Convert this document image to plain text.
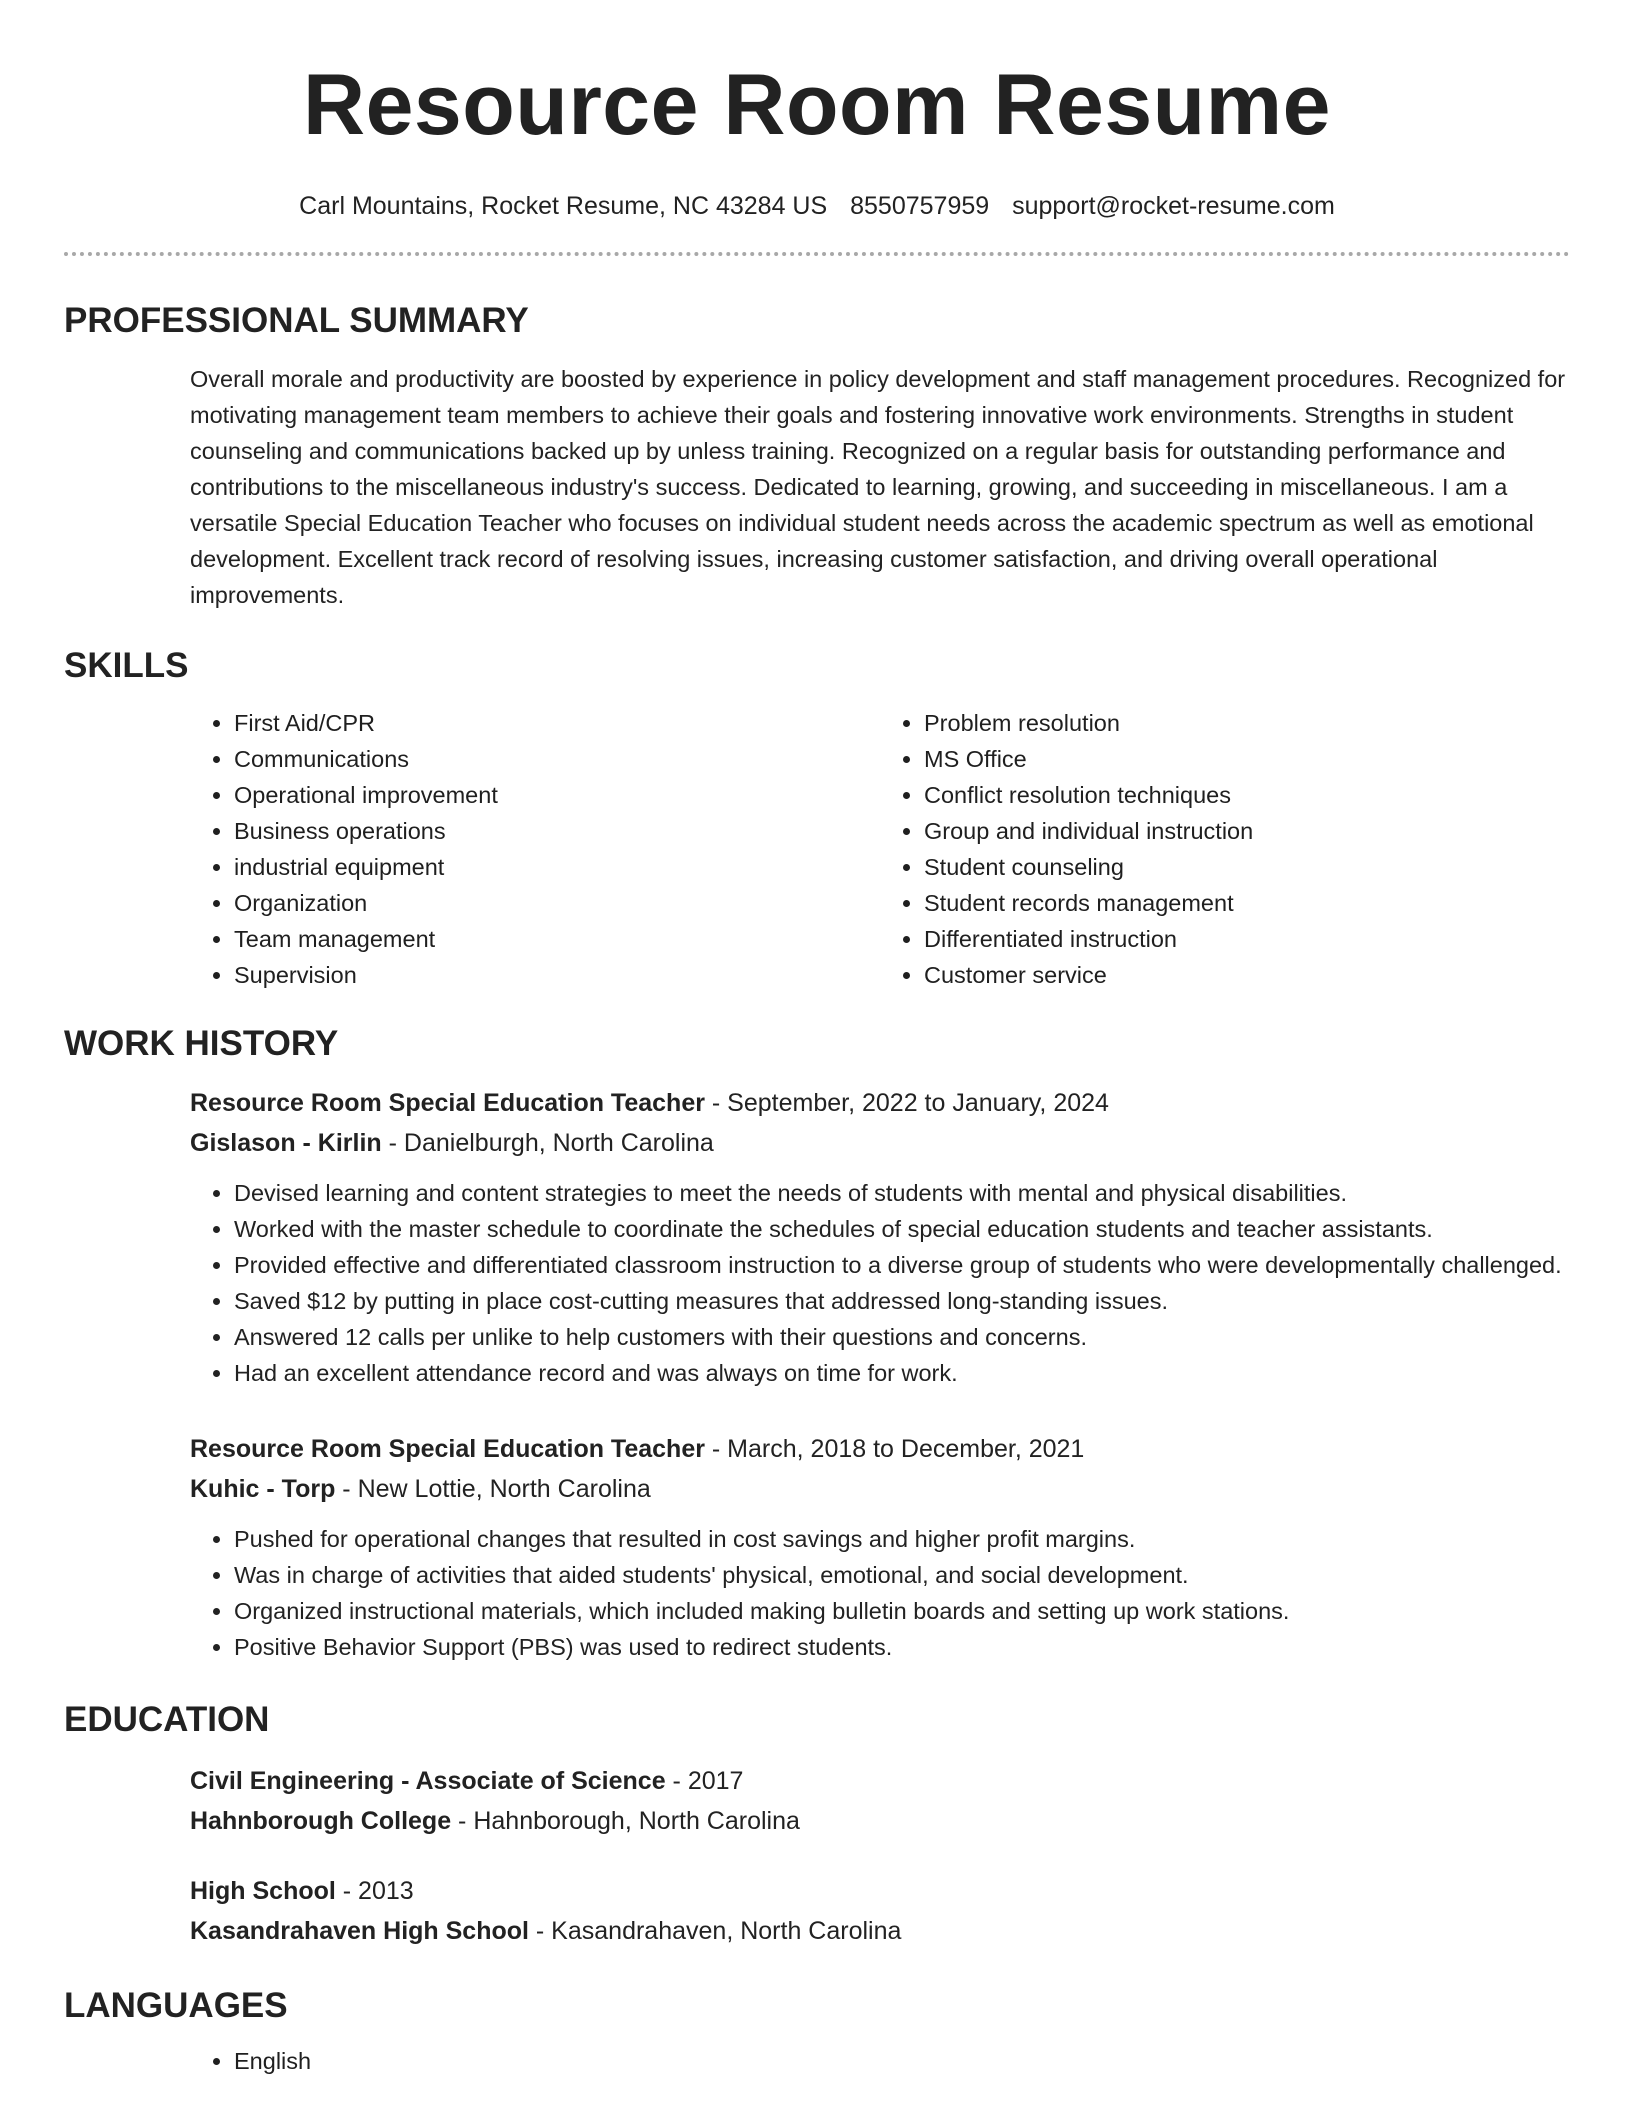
Resource Room Resume
Carl Mountains, Rocket Resume, NC 43284 US 8550757959 support@rocket-resume.com
PROFESSIONAL SUMMARY
Overall morale and productivity are boosted by experience in policy development and staff management procedures. Recognized for motivating management team members to achieve their goals and fostering innovative work environments. Strengths in student counseling and communications backed up by unless training. Recognized on a regular basis for outstanding performance and contributions to the miscellaneous industry's success. Dedicated to learning, growing, and succeeding in miscellaneous. I am a versatile Special Education Teacher who focuses on individual student needs across the academic spectrum as well as emotional development. Excellent track record of resolving issues, increasing customer satisfaction, and driving overall operational improvements.
SKILLS
• First Aid/CPR
• Communications
• Operational improvement
• Business operations
• industrial equipment
• Organization
• Team management
• Supervision
• Problem resolution
• MS Office
• Conflict resolution techniques
• Group and individual instruction
• Student counseling
• Student records management
• Differentiated instruction
• Customer service
WORK HISTORY
Resource Room Special Education Teacher - September, 2022 to January, 2024
Gislason - Kirlin - Danielburgh, North Carolina
• Devised learning and content strategies to meet the needs of students with mental and physical disabilities.
• Worked with the master schedule to coordinate the schedules of special education students and teacher assistants.
• Provided effective and differentiated classroom instruction to a diverse group of students who were developmentally challenged.
• Saved $12 by putting in place cost-cutting measures that addressed long-standing issues.
• Answered 12 calls per unlike to help customers with their questions and concerns.
• Had an excellent attendance record and was always on time for work.
Resource Room Special Education Teacher - March, 2018 to December, 2021
Kuhic - Torp - New Lottie, North Carolina
• Pushed for operational changes that resulted in cost savings and higher profit margins.
• Was in charge of activities that aided students' physical, emotional, and social development.
• Organized instructional materials, which included making bulletin boards and setting up work stations.
• Positive Behavior Support (PBS) was used to redirect students.
EDUCATION
Civil Engineering - Associate of Science - 2017
Hahnborough College - Hahnborough, North Carolina
High School - 2013
Kasandrahaven High School - Kasandrahaven, North Carolina
LANGUAGES
• English
